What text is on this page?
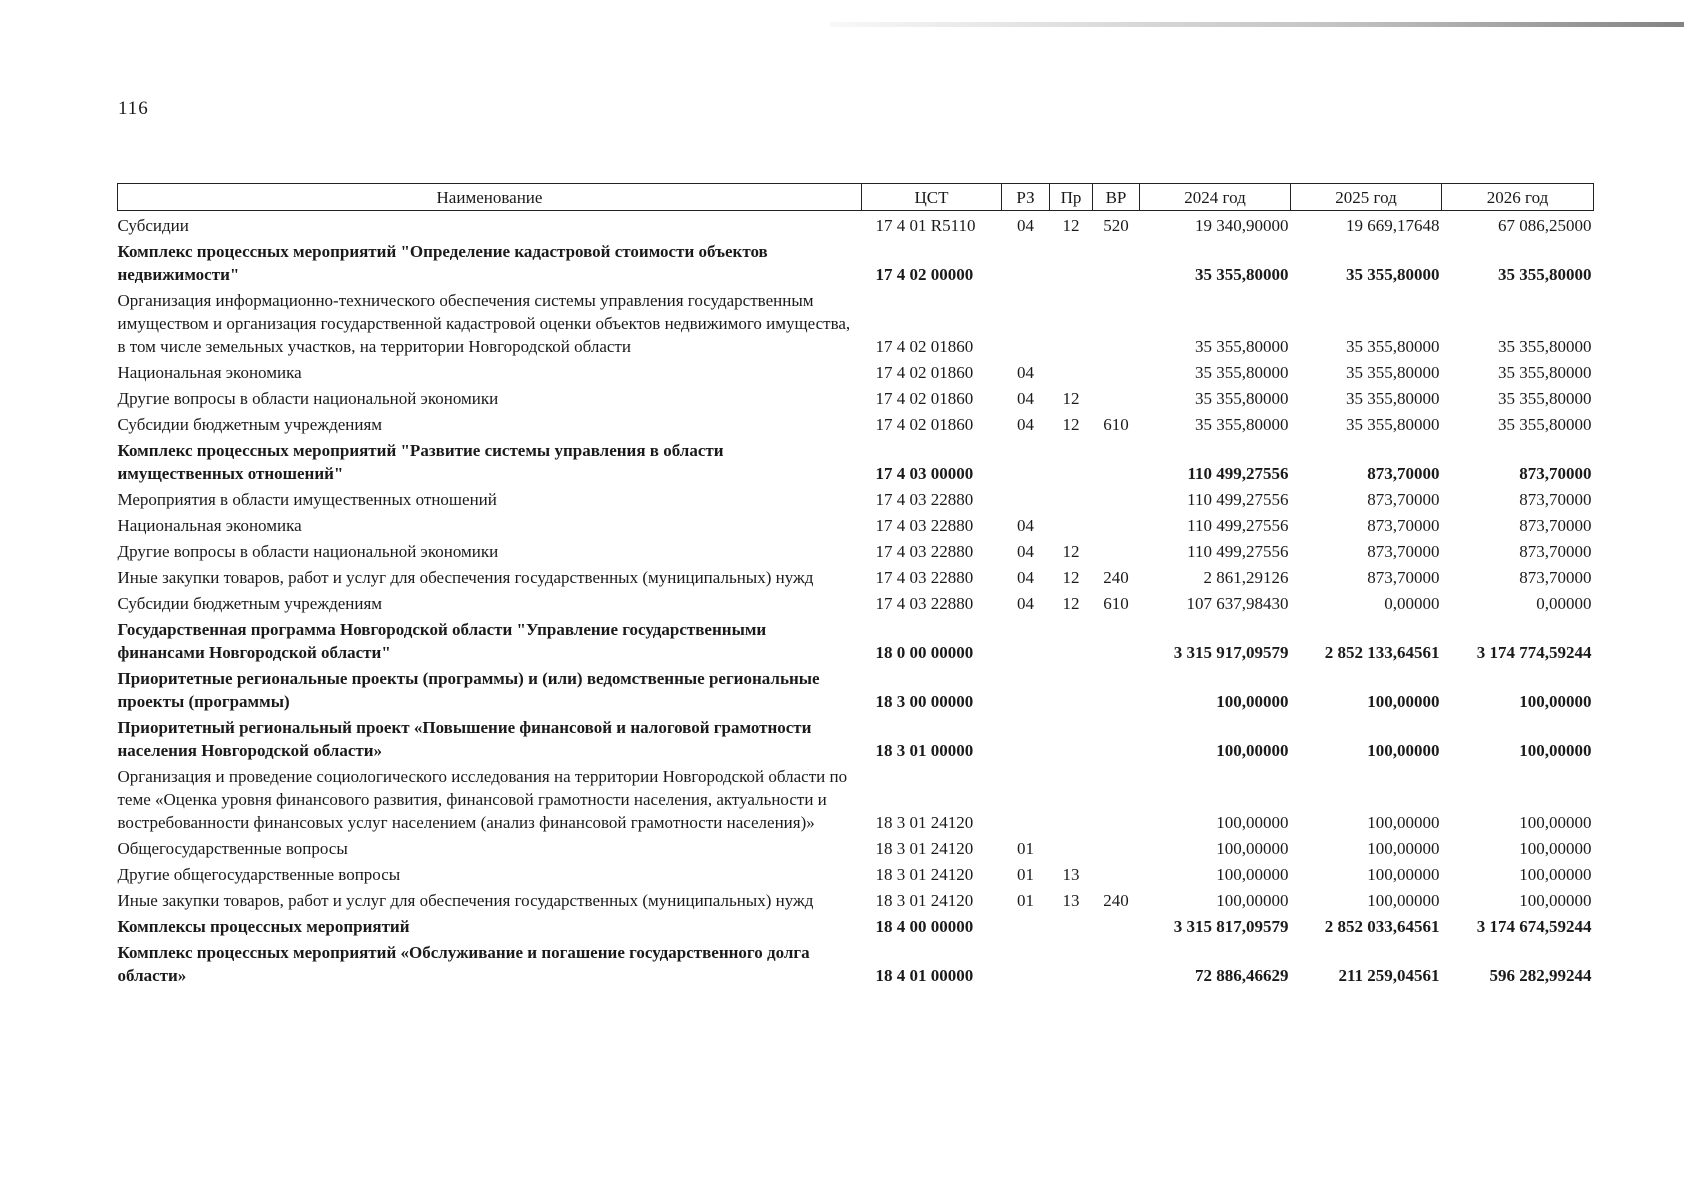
116
Наименование	ЦСТ	РЗ	Пр	ВР	2024 год	2025 год	2026 год
Субсидии	17 4 01 R5110	04	12	520	19 340,90000	19 669,17648	67 086,25000
Комплекс процессных мероприятий "Определение кадастровой стоимости объектов недвижимости"	17 4 02 00000				35 355,80000	35 355,80000	35 355,80000
Организация информационно-технического обеспечения системы управления государственным имуществом и организация государственной кадастровой оценки объектов недвижимого имущества, в том числе земельных участков, на территории Новгородской области	17 4 02 01860				35 355,80000	35 355,80000	35 355,80000
Национальная экономика	17 4 02 01860	04			35 355,80000	35 355,80000	35 355,80000
Другие вопросы в области национальной экономики	17 4 02 01860	04	12		35 355,80000	35 355,80000	35 355,80000
Субсидии бюджетным учреждениям	17 4 02 01860	04	12	610	35 355,80000	35 355,80000	35 355,80000
Комплекс процессных мероприятий "Развитие системы управления в области имущественных отношений"	17 4 03 00000				110 499,27556	873,70000	873,70000
Мероприятия в области имущественных отношений	17 4 03 22880				110 499,27556	873,70000	873,70000
Национальная экономика	17 4 03 22880	04			110 499,27556	873,70000	873,70000
Другие вопросы в области национальной экономики	17 4 03 22880	04	12		110 499,27556	873,70000	873,70000
Иные закупки товаров, работ и услуг для обеспечения государственных (муниципальных) нужд	17 4 03 22880	04	12	240	2 861,29126	873,70000	873,70000
Субсидии бюджетным учреждениям	17 4 03 22880	04	12	610	107 637,98430	0,00000	0,00000
Государственная программа Новгородской области "Управление государственными финансами Новгородской области"	18 0 00 00000				3 315 917,09579	2 852 133,64561	3 174 774,59244
Приоритетные региональные проекты (программы) и (или) ведомственные региональные проекты (программы)	18 3 00 00000				100,00000	100,00000	100,00000
Приоритетный региональный проект «Повышение финансовой и налоговой грамотности населения Новгородской области»	18 3 01 00000				100,00000	100,00000	100,00000
Организация и проведение социологического исследования на территории Новгородской области по теме «Оценка уровня финансового развития, финансовой грамотности населения, актуальности и востребованности финансовых услуг населением (анализ финансовой грамотности населения)»	18 3 01 24120				100,00000	100,00000	100,00000
Общегосударственные вопросы	18 3 01 24120	01			100,00000	100,00000	100,00000
Другие общегосударственные вопросы	18 3 01 24120	01	13		100,00000	100,00000	100,00000
Иные закупки товаров, работ и услуг для обеспечения государственных (муниципальных) нужд	18 3 01 24120	01	13	240	100,00000	100,00000	100,00000
Комплексы процессных мероприятий	18 4 00 00000				3 315 817,09579	2 852 033,64561	3 174 674,59244
Комплекс процессных мероприятий «Обслуживание и погашение государственного долга области»	18 4 01 00000				72 886,46629	211 259,04561	596 282,99244
